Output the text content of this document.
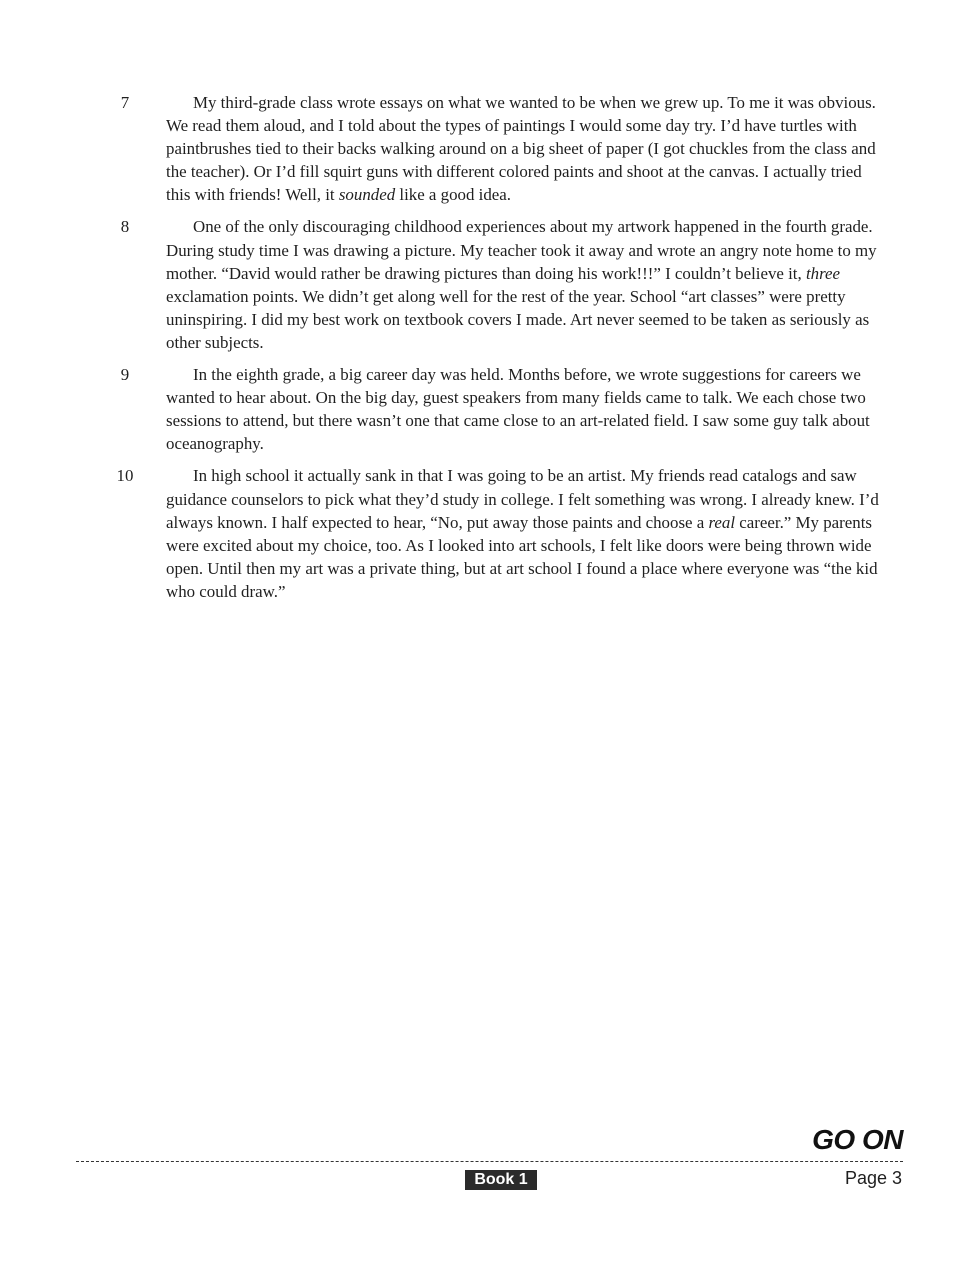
7	My third-grade class wrote essays on what we wanted to be when we grew up. To me it was obvious. We read them aloud, and I told about the types of paintings I would some day try. I’d have turtles with paintbrushes tied to their backs walking around on a big sheet of paper (I got chuckles from the class and the teacher). Or I’d fill squirt guns with different colored paints and shoot at the canvas. I actually tried this with friends! Well, it sounded like a good idea.
8	One of the only discouraging childhood experiences about my artwork happened in the fourth grade. During study time I was drawing a picture. My teacher took it away and wrote an angry note home to my mother. “David would rather be drawing pictures than doing his work!!!” I couldn’t believe it, three exclamation points. We didn’t get along well for the rest of the year. School “art classes” were pretty uninspiring. I did my best work on textbook covers I made. Art never seemed to be taken as seriously as other subjects.
9	In the eighth grade, a big career day was held. Months before, we wrote suggestions for careers we wanted to hear about. On the big day, guest speakers from many fields came to talk. We each chose two sessions to attend, but there wasn’t one that came close to an art-related field. I saw some guy talk about oceanography.
10	In high school it actually sank in that I was going to be an artist. My friends read catalogs and saw guidance counselors to pick what they’d study in college. I felt something was wrong. I already knew. I’d always known. I half expected to hear, “No, put away those paints and choose a real career.” My parents were excited about my choice, too. As I looked into art schools, I felt like doors were being thrown wide open. Until then my art was a private thing, but at art school I found a place where everyone was “the kid who could draw.”
GO ON
Book 1	Page 3
